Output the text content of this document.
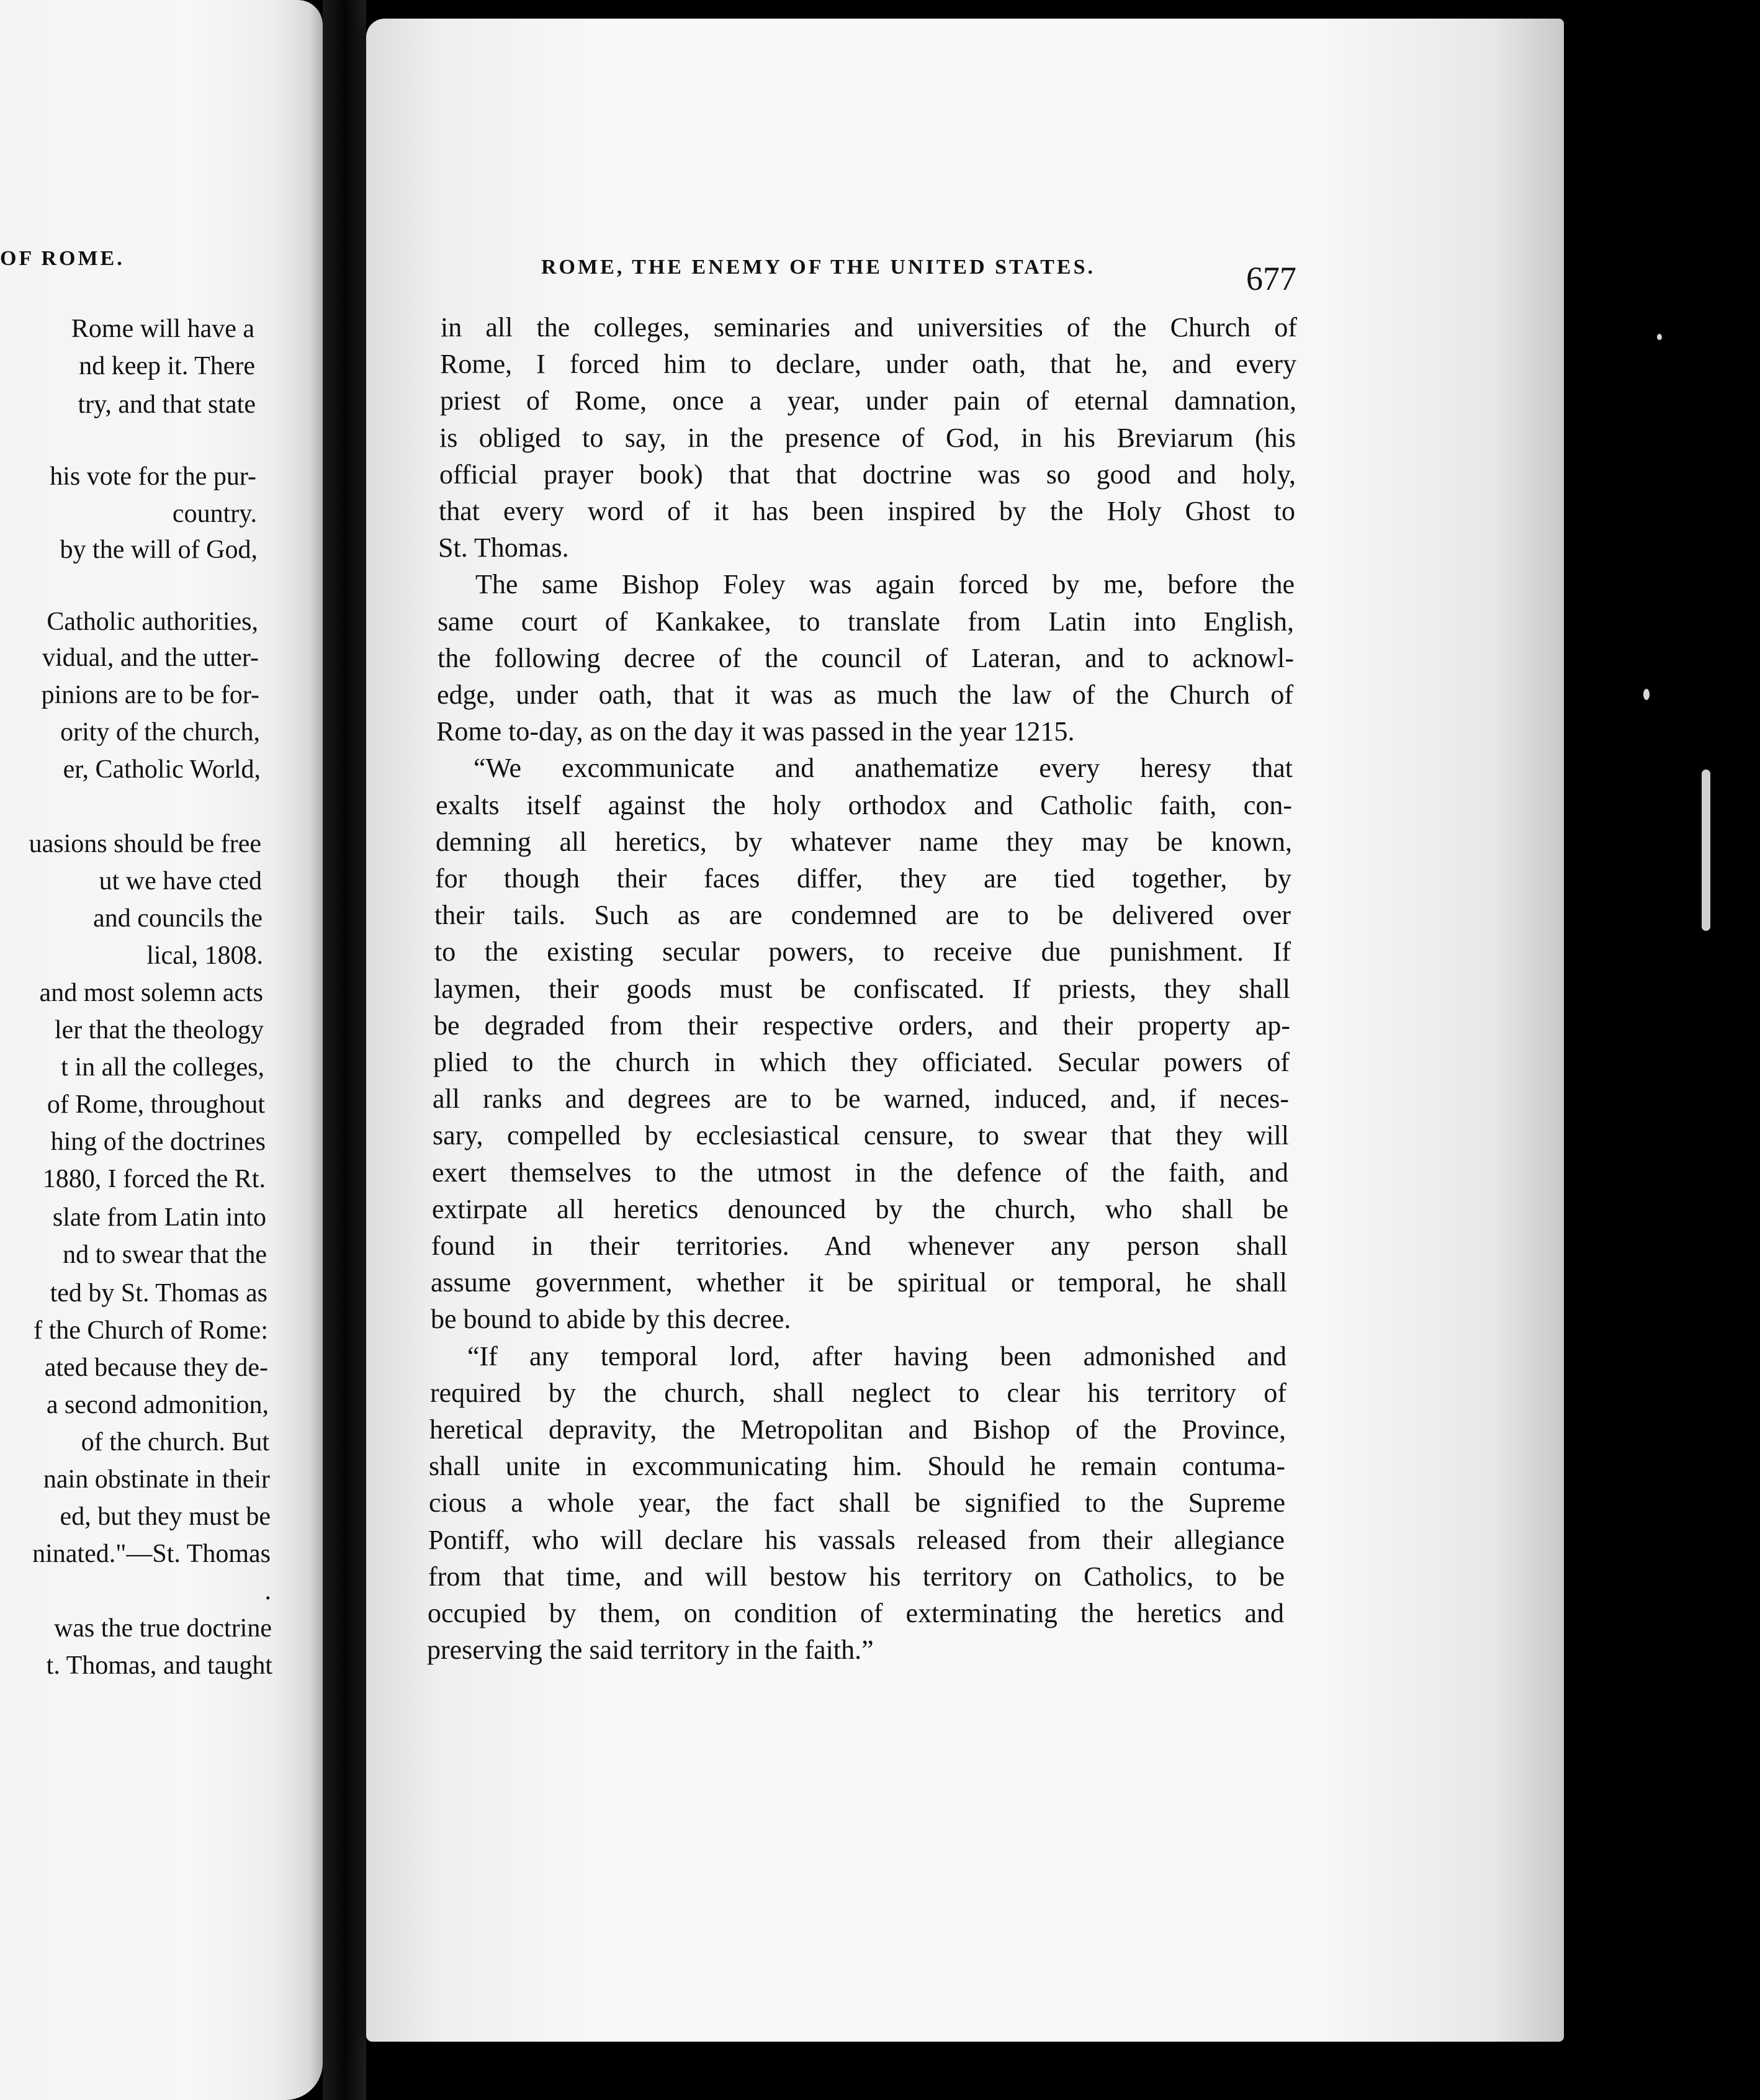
OF ROME.
Rome will have a
nd keep it. There
try, and that state
his vote for the pur-
country.
by the will of God,
Catholic authorities,
vidual, and the utter-
pinions are to be for-
ority of the church,
er, Catholic World,
uasions should be free
ut we have cted
and councils the
lical, 1808.
and most solemn acts
ler that the theology
t in all the colleges,
of Rome, throughout
hing of the doctrines
1880, I forced the Rt.
slate from Latin into
nd to swear that the
ted by St. Thomas as
f the Church of Rome:
ated because they de-
a second admonition,
of the church. But
nain obstinate in their
ed, but they must be
ninated."—St. Thomas
.
was the true doctrine
t. Thomas, and taught
ROME, THE ENEMY OF THE UNITED STATES.	677
in all the colleges, seminaries and universities of the Church of
Rome, I forced him to declare, under oath, that he, and every
priest of Rome, once a year, under pain of eternal damnation,
is obliged to say, in the presence of God, in his Breviarum (his
official prayer book) that that doctrine was so good and holy,
that every word of it has been inspired by the Holy Ghost to
St. Thomas.
The same Bishop Foley was again forced by me, before the
same court of Kankakee, to translate from Latin into English,
the following decree of the council of Lateran, and to acknowl-
edge, under oath, that it was as much the law of the Church of
Rome to-day, as on the day it was passed in the year 1215.
“We excommunicate and anathematize every heresy that
exalts itself against the holy orthodox and Catholic faith, con-
demning all heretics, by whatever name they may be known,
for though their faces differ, they are tied together, by
their tails. Such as are condemned are to be delivered over
to the existing secular powers, to receive due punishment. If
laymen, their goods must be confiscated. If priests, they shall
be degraded from their respective orders, and their property ap-
plied to the church in which they officiated. Secular powers of
all ranks and degrees are to be warned, induced, and, if neces-
sary, compelled by ecclesiastical censure, to swear that they will
exert themselves to the utmost in the defence of the faith, and
extirpate all heretics denounced by the church, who shall be
found in their territories. And whenever any person shall
assume government, whether it be spiritual or temporal, he shall
be bound to abide by this decree.
“If any temporal lord, after having been admonished and
required by the church, shall neglect to clear his territory of
heretical depravity, the Metropolitan and Bishop of the Province,
shall unite in excommunicating him. Should he remain contuma-
cious a whole year, the fact shall be signified to the Supreme
Pontiff, who will declare his vassals released from their allegiance
from that time, and will bestow his territory on Catholics, to be
occupied by them, on condition of exterminating the heretics and
preserving the said territory in the faith.”
